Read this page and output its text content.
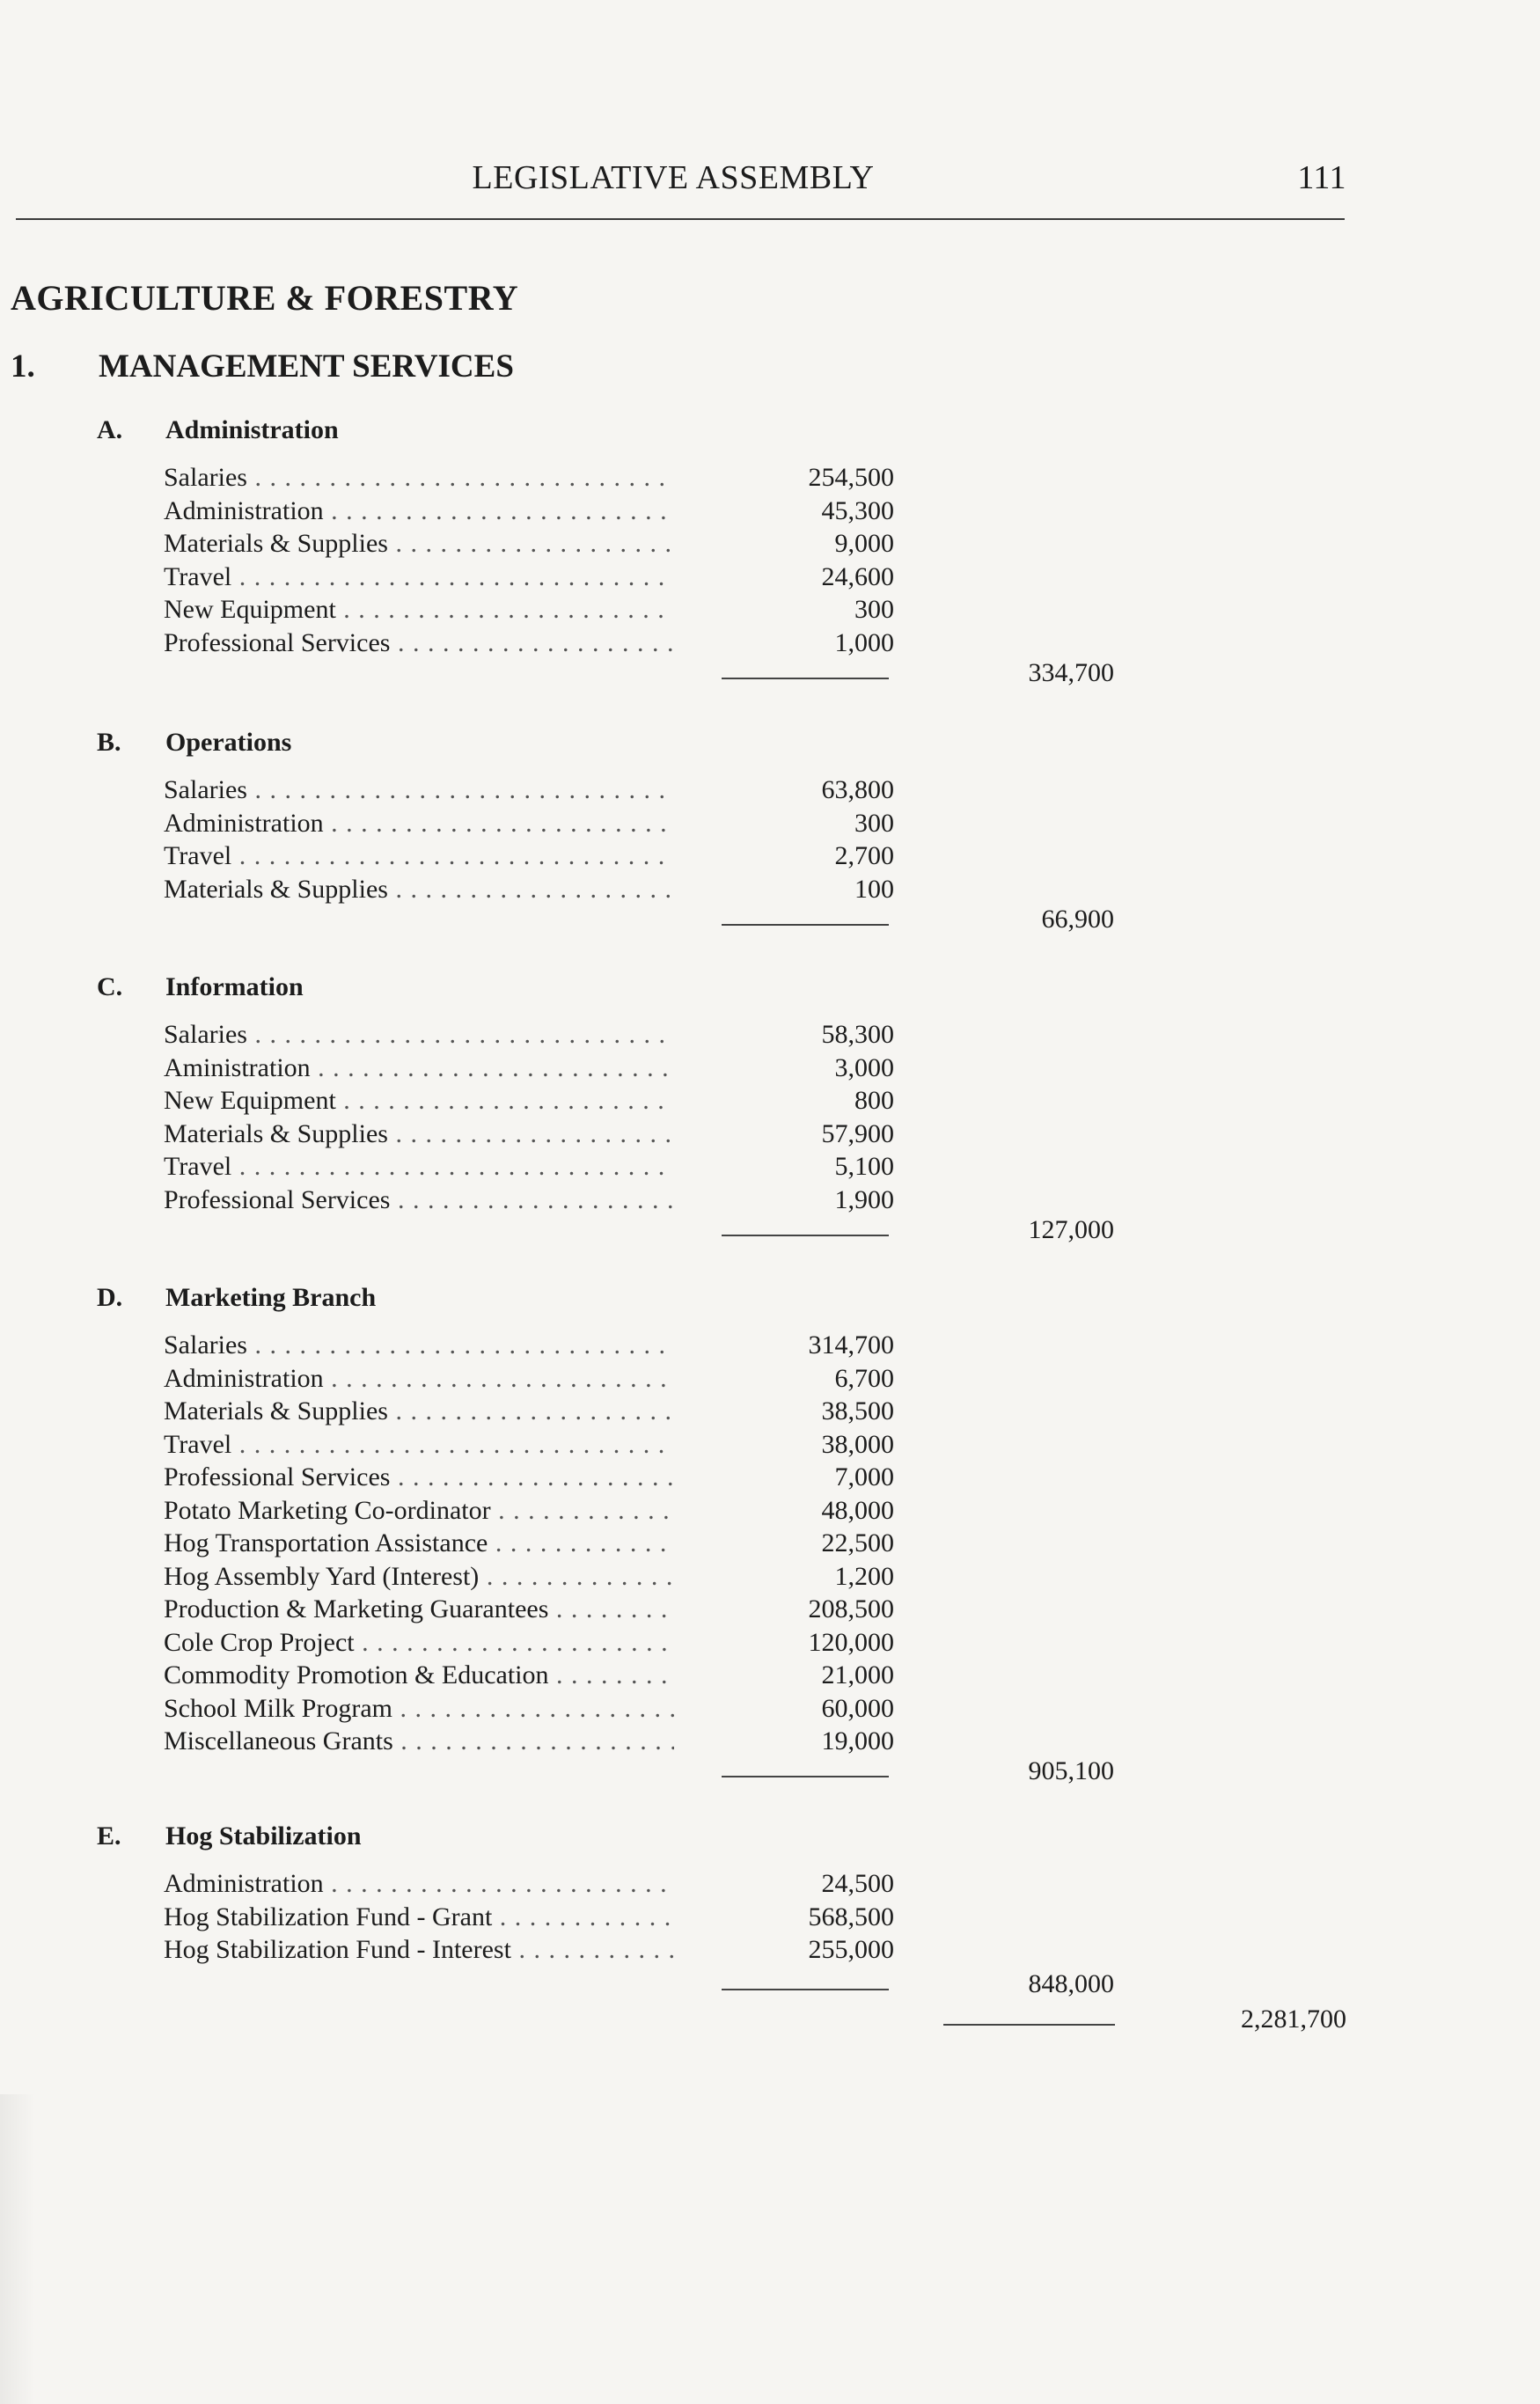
LEGISLATIVE ASSEMBLY	111
AGRICULTURE & FORESTRY
1. MANAGEMENT SERVICES
A. Administration
Salaries . . .	254,500
Administration . . .	45,300
Materials & Supplies . . .	9,000
Travel . . .	24,600
New Equipment . . .	300
Professional Services . . .	1,000
334,700
B. Operations
Salaries . . .	63,800
Administration . . .	300
Travel . . .	2,700
Materials & Supplies . . .	100
66,900
C. Information
Salaries . . .	58,300
Aministration . . .	3,000
New Equipment . . .	800
Materials & Supplies . . .	57,900
Travel . . .	5,100
Professional Services . . .	1,900
127,000
D. Marketing Branch
Salaries . . .	314,700
Administration . . .	6,700
Materials & Supplies . . .	38,500
Travel . . .	38,000
Professional Services . . .	7,000
Potato Marketing Co-ordinator . . .	48,000
Hog Transportation Assistance . . .	22,500
Hog Assembly Yard (Interest) . . .	1,200
Production & Marketing Guarantees . . .	208,500
Cole Crop Project . . .	120,000
Commodity Promotion & Education . . .	21,000
School Milk Program . . .	60,000
Miscellaneous Grants . . .	19,000
905,100
E. Hog Stabilization
Administration . . .	24,500
Hog Stabilization Fund - Grant . . .	568,500
Hog Stabilization Fund - Interest . . .	255,000
848,000
2,281,700
